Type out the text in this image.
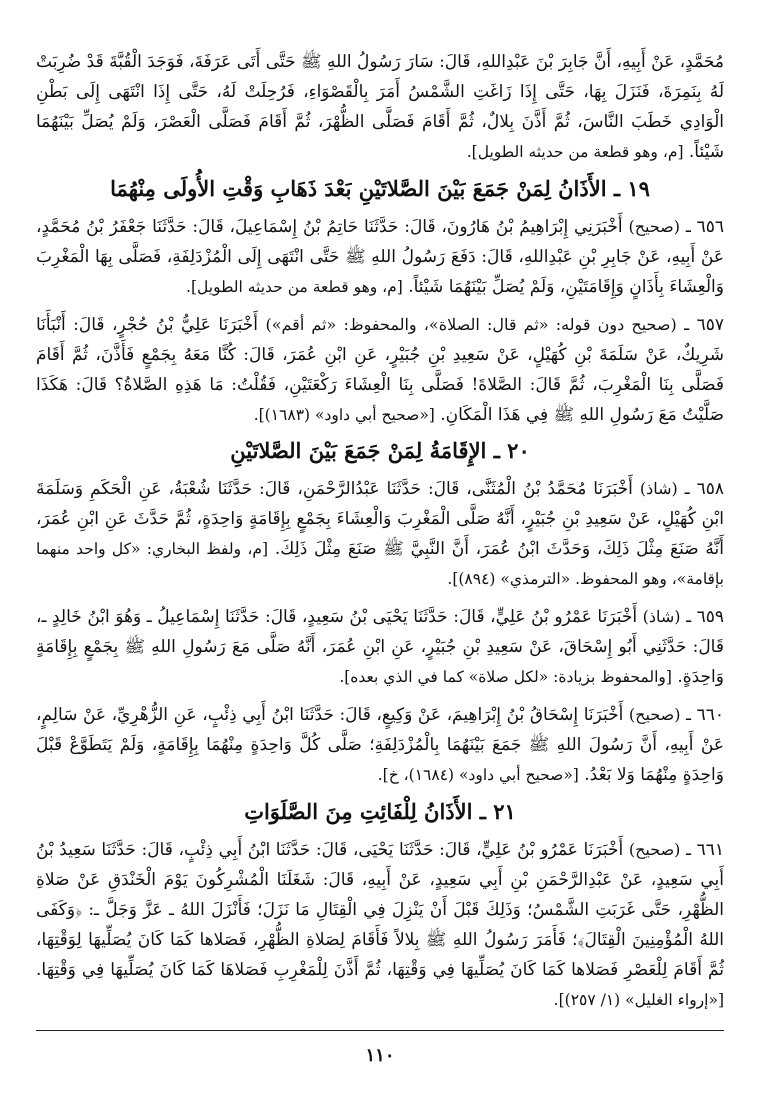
مُحَمَّدٍ، عَنْ أَبِيهِ، أَنَّ جَابِرَ بْنَ عَبْدِاللهِ، قَالَ: سَارَ رَسُولُ اللهِ ﷺ حَتَّى أَتَى عَرَفَةَ، فَوَجَدَ الْقُبَّةَ قَدْ ضُرِبَتْ لَهُ بِنَمِرَةَ، فَنَزَلَ بِهَا، حَتَّى إِذَا زَاغَتِ الشَّمْسُ أَمَرَ بِالْقَصْوَاءِ، فَرُحِلَتْ لَهُ، حَتَّى إِذَا انْتَهَى إِلَى بَطْنِ الْوَادِي خَطَبَ النَّاسَ، ثُمَّ أَذَّنَ بِلالٌ، ثُمَّ أَقَامَ فَصَلَّى الظُّهْرَ، ثُمَّ أَقَامَ فَصَلَّى الْعَصْرَ، وَلَمْ يُصَلِّ بَيْنَهُمَا شَيْئاً. [م، وهو قطعة من حديثه الطويل].

١٩ ـ الأَذَانُ لِمَنْ جَمَعَ بَيْنَ الصَّلاتَيْنِ بَعْدَ ذَهَابِ وَقْتِ الأُولَى مِنْهُمَا

٦٥٦ ـ (صحيح) أَخْبَرَنِي إِبْرَاهِيمُ بْنُ هَارُونَ، قَالَ: حَدَّثَنَا حَاتِمُ بْنُ إِسْمَاعِيلَ، قَالَ: حَدَّثَنَا جَعْفَرُ بْنُ مُحَمَّدٍ، عَنْ أَبِيهِ، عَنْ جَابِرِ بْنِ عَبْدِاللهِ، قَالَ: دَفَعَ رَسُولُ اللهِ ﷺ حَتَّى انْتَهَى إِلَى الْمُزْدَلِفَةِ، فَصَلَّى بِهَا الْمَغْرِبَ وَالْعِشَاءَ بِأَذَانٍ وَإِقَامَتَيْنِ، وَلَمْ يُصَلِّ بَيْنَهُمَا شَيْئاً. [م، وهو قطعة من حديثه الطويل].

٦٥٧ ـ (صحيح دون قوله: «ثم قال: الصلاة»، والمحفوظ: «ثم أقم») أَخْبَرَنَا عَلِيُّ بْنُ حُجْرٍ، قَالَ: أَنْبَأَنَا شَرِيكٌ، عَنْ سَلَمَةَ بْنِ كُهَيْلٍ، عَنْ سَعِيدِ بْنِ جُبَيْرٍ، عَنِ ابْنِ عُمَرَ، قَالَ: كُنَّا مَعَهُ بِجَمْعٍ فَأَذَّنَ، ثُمَّ أَقَامَ فَصَلَّى بِنَا الْمَغْرِبَ، ثُمَّ قَالَ: الصَّلاةَ! فَصَلَّى بِنَا الْعِشَاءَ رَكْعَتَيْنِ، فَقُلْتُ: مَا هَذِهِ الصَّلاةُ؟ قَالَ: هَكَذَا صَلَّيْتُ مَعَ رَسُولِ اللهِ ﷺ فِي هَذَا الْمَكَانِ. [«صحيح أبي داود» (١٦٨٣)].

٢٠ ـ الإِقَامَةُ لِمَنْ جَمَعَ بَيْنَ الصَّلاتَيْنِ

٦٥٨ ـ (شاذ) أَخْبَرَنَا مُحَمَّدُ بْنُ الْمُثَنَّى، قَالَ: حَدَّثَنَا عَبْدُالرَّحْمَنِ، قَالَ: حَدَّثَنَا شُعْبَةُ، عَنِ الْحَكَمِ وَسَلَمَةَ ابْنِ كُهَيْلٍ، عَنْ سَعِيدِ بْنِ جُبَيْرٍ، أَنَّهُ صَلَّى الْمَغْرِبَ وَالْعِشَاءَ بِجَمْعٍ بِإِقَامَةٍ وَاحِدَةٍ، ثُمَّ حَدَّثَ عَنِ ابْنِ عُمَرَ، أَنَّهُ صَنَعَ مِثْلَ ذَلِكَ، وَحَدَّثَ ابْنُ عُمَرَ، أَنَّ النَّبِيَّ ﷺ صَنَعَ مِثْلَ ذَلِكَ. [م، ولفظ البخاري: «كل واحد منهما بإقامة»، وهو المحفوظ. «الترمذي» (٨٩٤)].

٦٥٩ ـ (شاذ) أَخْبَرَنَا عَمْرُو بْنُ عَلِيٍّ، قَالَ: حَدَّثَنَا يَحْيَى بْنُ سَعِيدٍ، قَالَ: حَدَّثَنَا إِسْمَاعِيلُ ـ وَهُوَ ابْنُ خَالِدٍ ـ، قَالَ: حَدَّثَنِي أَبُو إِسْحَاقَ، عَنْ سَعِيدِ بْنِ جُبَيْرٍ، عَنِ ابْنِ عُمَرَ، أَنَّهُ صَلَّى مَعَ رَسُولِ اللهِ ﷺ بِجَمْعٍ بِإِقَامَةٍ وَاحِدَةٍ. [والمحفوظ بزيادة: «لكل صلاة» كما في الذي بعده].

٦٦٠ ـ (صحيح) أَخْبَرَنَا إِسْحَاقُ بْنُ إِبْرَاهِيمَ، عَنْ وَكِيعٍ، قَالَ: حَدَّثَنَا ابْنُ أَبِي ذِئْبٍ، عَنِ الزُّهْرِيِّ، عَنْ سَالِمٍ، عَنْ أَبِيهِ، أَنَّ رَسُولَ اللهِ ﷺ جَمَعَ بَيْنَهُمَا بِالْمُزْدَلِفَةِ؛ صَلَّى كُلَّ وَاحِدَةٍ مِنْهُمَا بِإِقَامَةٍ، وَلَمْ يَتَطَوَّعْ قَبْلَ وَاحِدَةٍ مِنْهُمَا وَلا بَعْدُ. [«صحيح أبي داود» (١٦٨٤)، خ].

٢١ ـ الأَذَانُ لِلْفَائِتِ مِنَ الصَّلَوَاتِ

٦٦١ ـ (صحيح) أَخْبَرَنَا عَمْرُو بْنُ عَلِيٍّ، قَالَ: حَدَّثَنَا يَحْيَى، قَالَ: حَدَّثَنَا ابْنُ أَبِي ذِئْبٍ، قَالَ: حَدَّثَنَا سَعِيدُ بْنُ أَبِي سَعِيدٍ، عَنْ عَبْدِالرَّحْمَنِ بْنِ أَبِي سَعِيدٍ، عَنْ أَبِيهِ، قَالَ: شَغَلَنَا الْمُشْرِكُونَ يَوْمَ الْخَنْدَقِ عَنْ صَلاةِ الظُّهْرِ، حَتَّى غَرَبَتِ الشَّمْسُ؛ وَذَلِكَ قَبْلَ أَنْ يَنْزِلَ فِي الْقِتَالِ مَا نَزَلَ؛ فَأَنْزَلَ اللهُ ـ عَزَّ وَجَلَّ ـ: ﴿وَكَفَى اللهُ الْمُؤْمِنِينَ الْقِتَالَ﴾؛ فَأَمَرَ رَسُولُ اللهِ ﷺ بِلالاً فَأَقَامَ لِصَلاةِ الظُّهْرِ، فَصَلاها كَمَا كَانَ يُصَلِّيهَا لِوَقْتِهَا، ثُمَّ أَقَامَ لِلْعَصْرِ فَصَلاها كَمَا كَانَ يُصَلِّيهَا فِي وَقْتِهَا، ثُمَّ أَذَّنَ لِلْمَغْرِبِ فَصَلاهَا كَمَا كَانَ يُصَلِّيهَا فِي وَقْتِهَا. [«إرواء الغليل» (١/ ٢٥٧)].

١١٠
